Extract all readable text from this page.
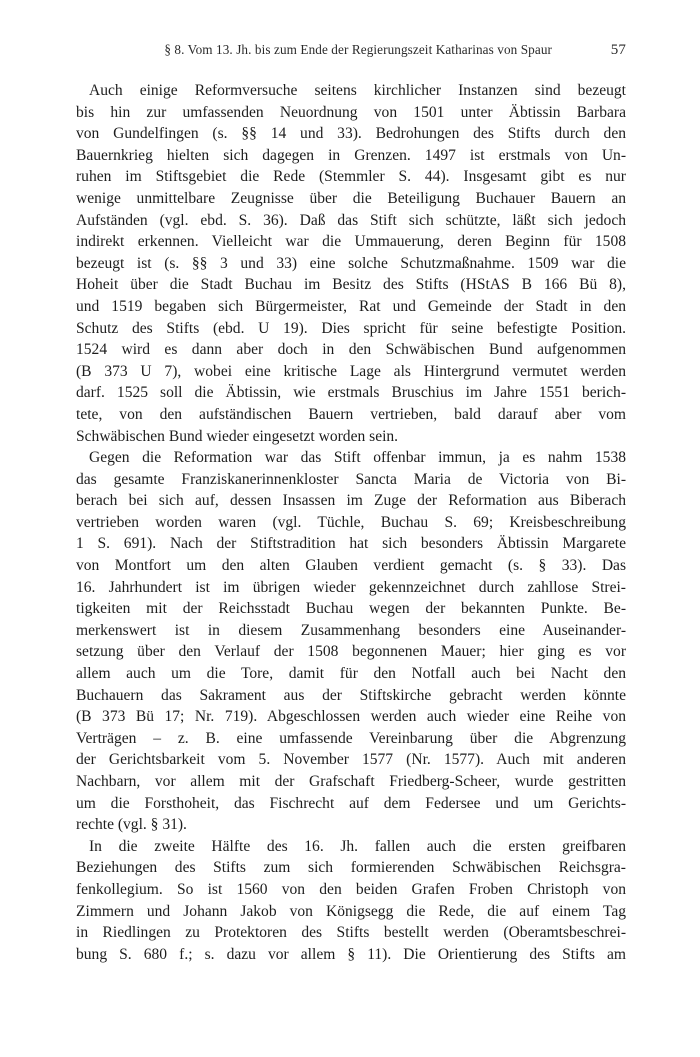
§ 8. Vom 13. Jh. bis zum Ende der Regierungszeit Katharinas von Spaur	57
Auch einige Reformversuche seitens kirchlicher Instanzen sind bezeugt
bis hin zur umfassenden Neuordnung von 1501 unter Äbtissin Barbara
von Gundelfingen (s. §§ 14 und 33). Bedrohungen des Stifts durch den
Bauernkrieg hielten sich dagegen in Grenzen. 1497 ist erstmals von Un-
ruhen im Stiftsgebiet die Rede (Stemmler S. 44). Insgesamt gibt es nur
wenige unmittelbare Zeugnisse über die Beteiligung Buchauer Bauern an
Aufständen (vgl. ebd. S. 36). Daß das Stift sich schützte, läßt sich jedoch
indirekt erkennen. Vielleicht war die Ummauerung, deren Beginn für 1508
bezeugt ist (s. §§ 3 und 33) eine solche Schutzmaßnahme. 1509 war die
Hoheit über die Stadt Buchau im Besitz des Stifts (HStAS B 166 Bü 8),
und 1519 begaben sich Bürgermeister, Rat und Gemeinde der Stadt in den
Schutz des Stifts (ebd. U 19). Dies spricht für seine befestigte Position.
1524 wird es dann aber doch in den Schwäbischen Bund aufgenommen
(B 373 U 7), wobei eine kritische Lage als Hintergrund vermutet werden
darf. 1525 soll die Äbtissin, wie erstmals Bruschius im Jahre 1551 berich-
tete, von den aufständischen Bauern vertrieben, bald darauf aber vom
Schwäbischen Bund wieder eingesetzt worden sein.
Gegen die Reformation war das Stift offenbar immun, ja es nahm 1538
das gesamte Franziskanerinnenkloster Sancta Maria de Victoria von Bi-
berach bei sich auf, dessen Insassen im Zuge der Reformation aus Biberach
vertrieben worden waren (vgl. Tüchle, Buchau S. 69; Kreisbeschreibung
1 S. 691). Nach der Stiftstradition hat sich besonders Äbtissin Margarete
von Montfort um den alten Glauben verdient gemacht (s. § 33). Das
16. Jahrhundert ist im übrigen wieder gekennzeichnet durch zahllose Strei-
tigkeiten mit der Reichsstadt Buchau wegen der bekannten Punkte. Be-
merkenswert ist in diesem Zusammenhang besonders eine Auseinander-
setzung über den Verlauf der 1508 begonnenen Mauer; hier ging es vor
allem auch um die Tore, damit für den Notfall auch bei Nacht den
Buchauern das Sakrament aus der Stiftskirche gebracht werden könnte
(B 373 Bü 17; Nr. 719). Abgeschlossen werden auch wieder eine Reihe von
Verträgen – z. B. eine umfassende Vereinbarung über die Abgrenzung
der Gerichtsbarkeit vom 5. November 1577 (Nr. 1577). Auch mit anderen
Nachbarn, vor allem mit der Grafschaft Friedberg-Scheer, wurde gestritten
um die Forsthoheit, das Fischrecht auf dem Federsee und um Gerichts-
rechte (vgl. § 31).
In die zweite Hälfte des 16. Jh. fallen auch die ersten greifbaren
Beziehungen des Stifts zum sich formierenden Schwäbischen Reichsgra-
fenkollegium. So ist 1560 von den beiden Grafen Froben Christoph von
Zimmern und Johann Jakob von Königsegg die Rede, die auf einem Tag
in Riedlingen zu Protektoren des Stifts bestellt werden (Oberamtsbeschrei-
bung S. 680 f.; s. dazu vor allem § 11). Die Orientierung des Stifts am
